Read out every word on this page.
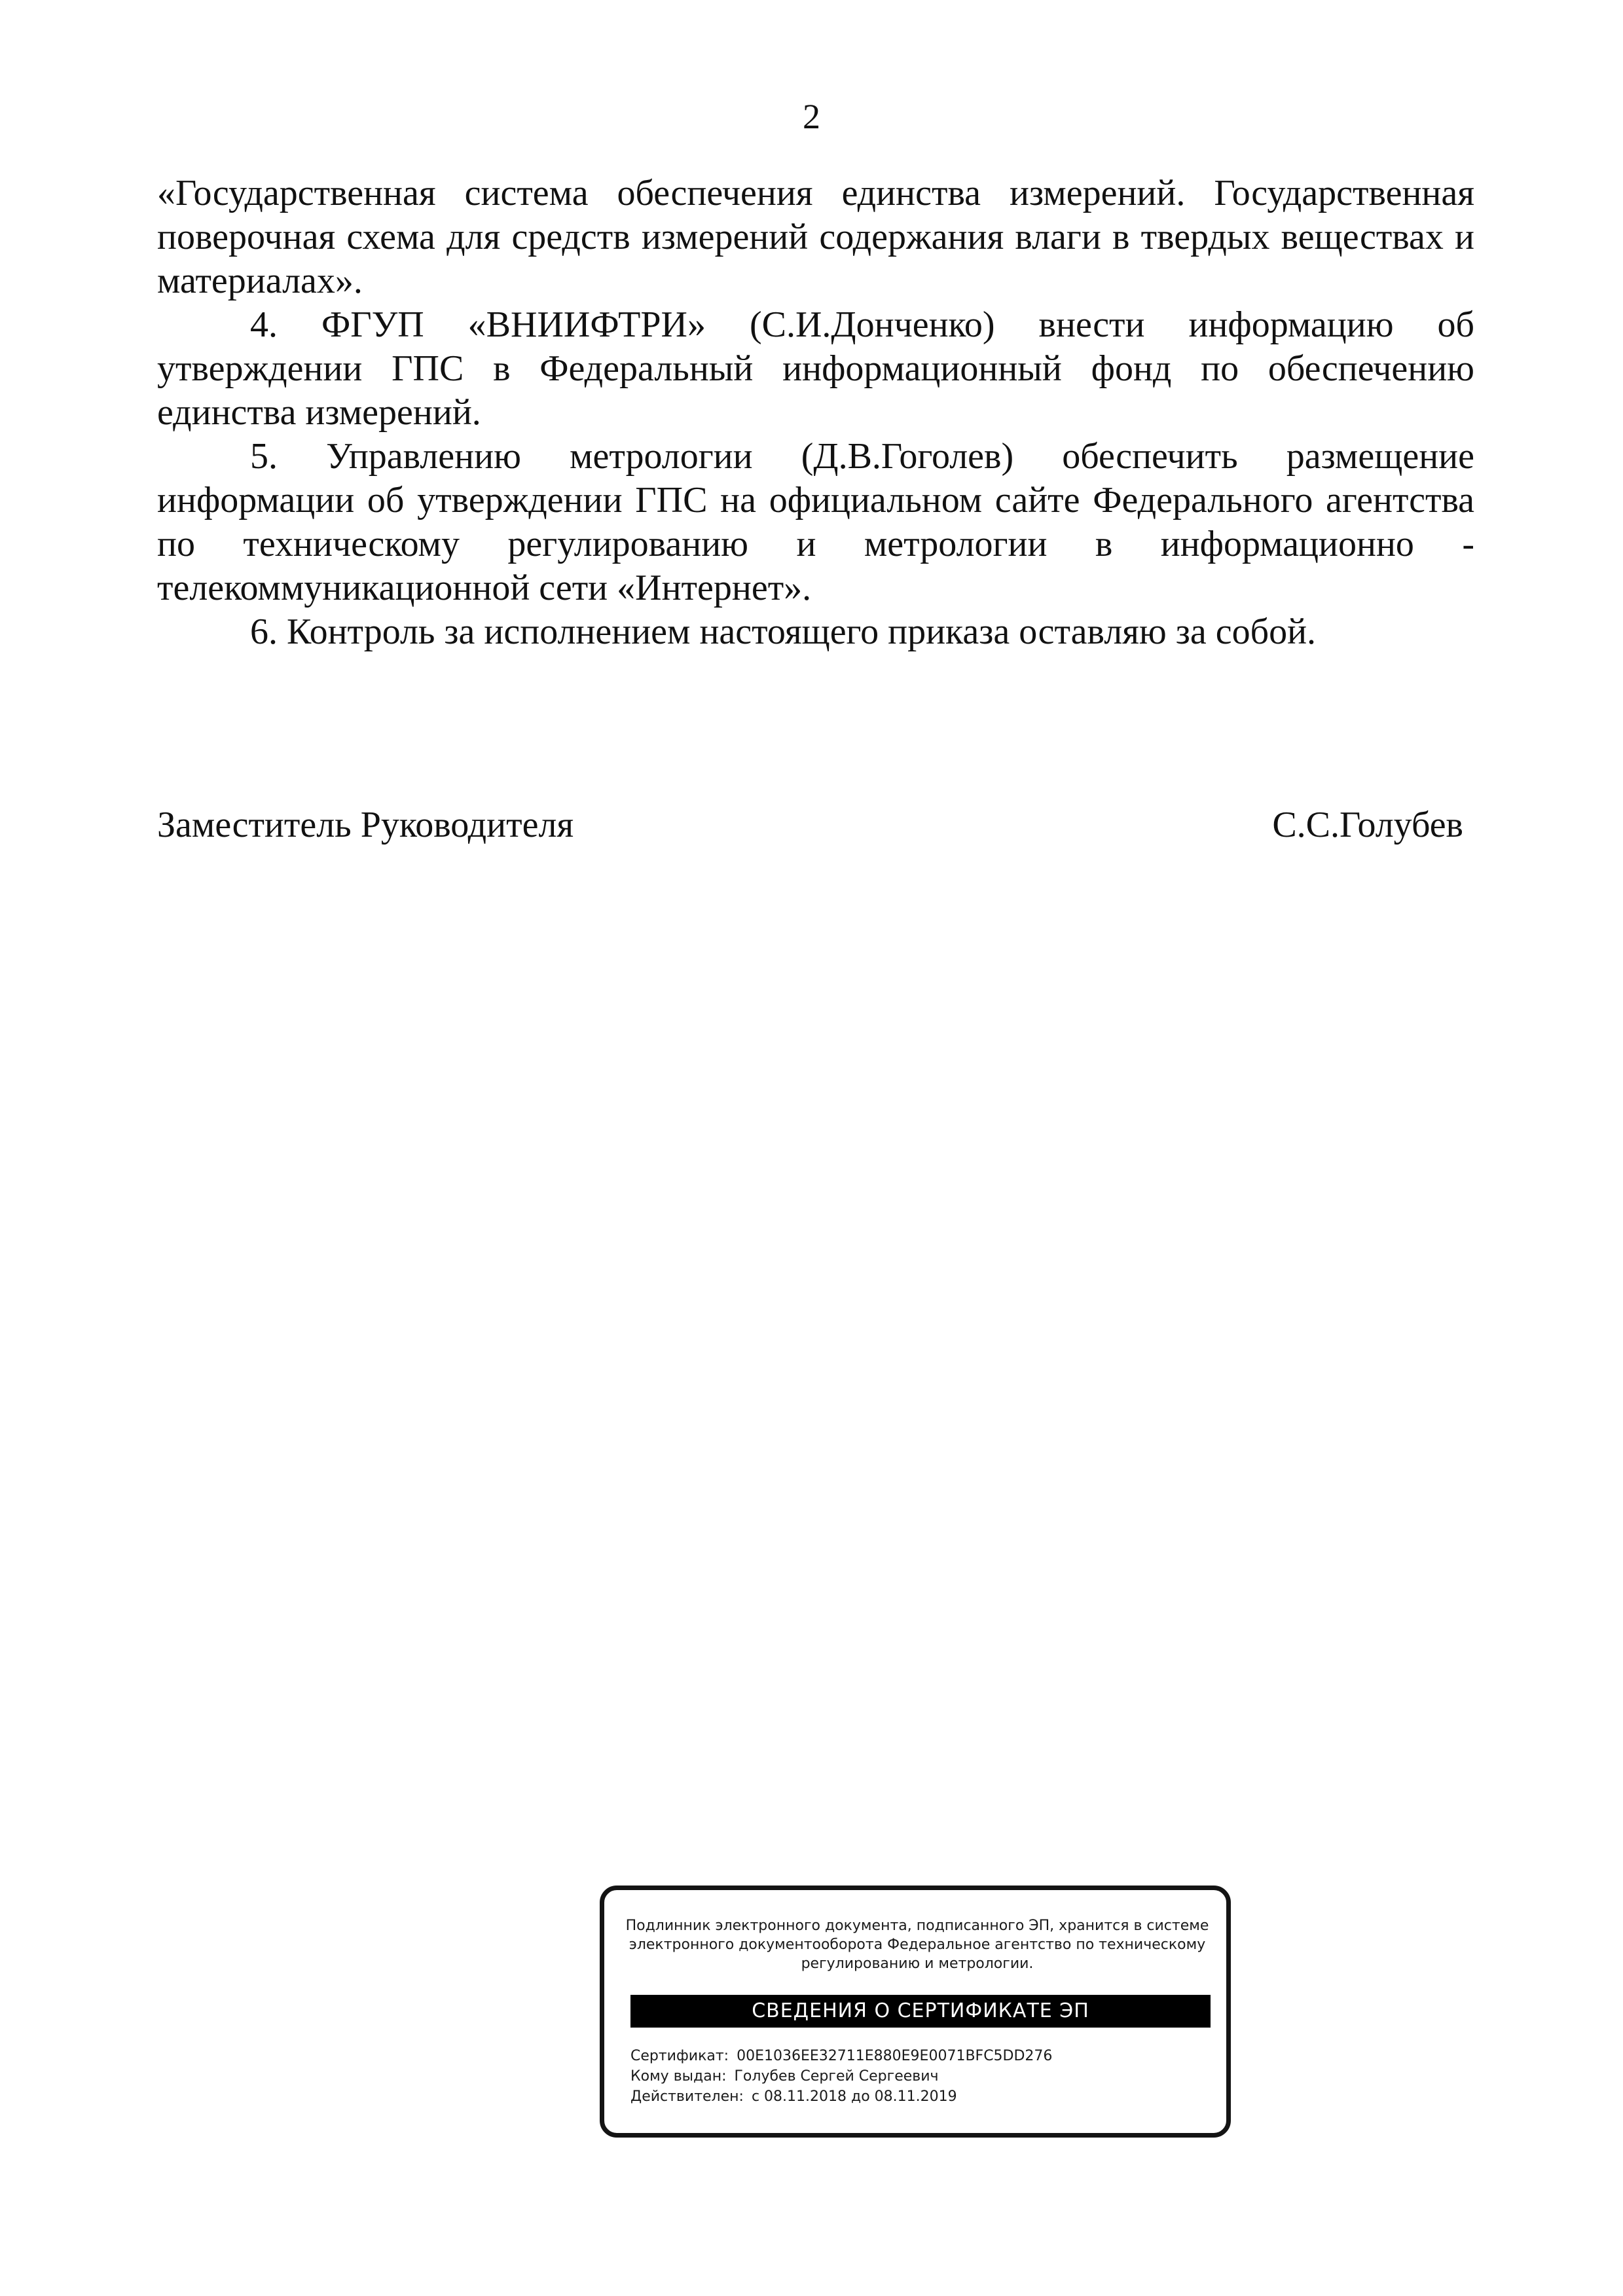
2

«Государственная система обеспечения единства измерений. Государственная поверочная схема для средств измерений содержания влаги в твердых веществах и материалах».

4. ФГУП «ВНИИФТРИ» (С.И.Донченко) внести информацию об утверждении ГПС в Федеральный информационный фонд по обеспечению единства измерений.

5. Управлению метрологии (Д.В.Гоголев) обеспечить размещение информации об утверждении ГПС на официальном сайте Федерального агентства по техническому регулированию и метрологии в информационно - телекоммуникационной сети «Интернет».

6. Контроль за исполнением настоящего приказа оставляю за собой.

Заместитель Руководителя	С.С.Голубев
Подлинник электронного документа, подписанного ЭП, хранится в системе электронного документооборота Федеральное агентство по техническому регулированию и метрологии.
СВЕДЕНИЯ О СЕРТИФИКАТЕ ЭП
Сертификат: 00E1036EE32711E880E9E0071BFC5DD276
Кому выдан: Голубев Сергей Сергеевич
Действителен: с 08.11.2018 до 08.11.2019
